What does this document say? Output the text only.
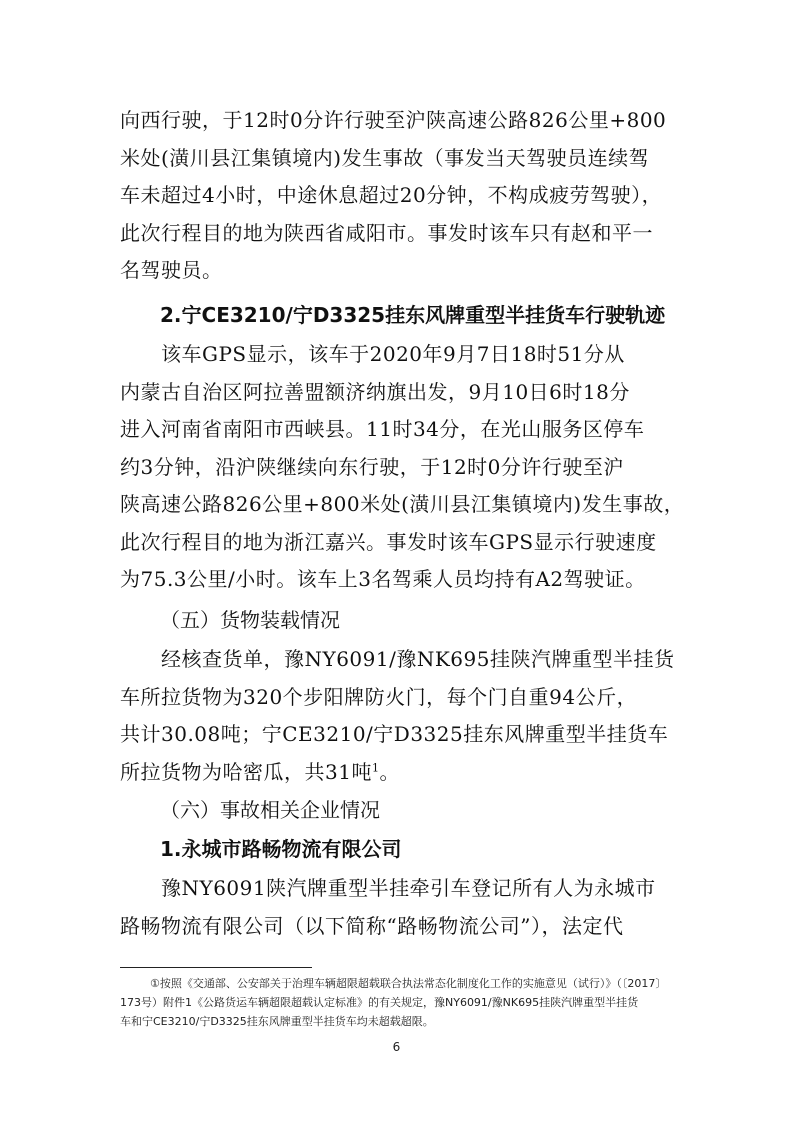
向西行驶，于12时0分许行驶至沪陕高速公路826公里+800
米处(潢川县江集镇境内)发生事故（事发当天驾驶员连续驾
车未超过4小时，中途休息超过20分钟，不构成疲劳驾驶），
此次行程目的地为陕西省咸阳市。事发时该车只有赵和平一
名驾驶员。
2.宁CE3210/宁D3325挂东风牌重型半挂货车行驶轨迹
　　该车GPS显示，该车于2020年9月7日18时51分从
内蒙古自治区阿拉善盟额济纳旗出发，9月10日6时18分
进入河南省南阳市西峡县。11时34分，在光山服务区停车
约3分钟，沿沪陕继续向东行驶，于12时0分许行驶至沪
陕高速公路826公里+800米处(潢川县江集镇境内)发生事故，
此次行程目的地为浙江嘉兴。事发时该车GPS显示行驶速度
为75.3公里/小时。该车上3名驾乘人员均持有A2驾驶证。
（五）货物装载情况
　　经核查货单，豫NY6091/豫NK695挂陕汽牌重型半挂货
车所拉货物为320个步阳牌防火门，每个门自重94公斤，
共计30.08吨；宁CE3210/宁D3325挂东风牌重型半挂货车
所拉货物为哈密瓜，共31吨$^1$。
（六）事故相关企业情况
1.永城市路畅物流有限公司
　　豫NY6091陕汽牌重型半挂牵引车登记所有人为永城市
路畅物流有限公司（以下简称“路畅物流公司”），法定代
①按照《交通部、公安部关于治理车辆超限超载联合执法常态化制度化工作的实施意见（试行）》（〔2017〕
173号）附件1《公路货运车辆超限超载认定标准》的有关规定，豫NY6091/豫NK695挂陕汽牌重型半挂货
车和宁CE3210/宁D3325挂东风牌重型半挂货车均未超载超限。
6
